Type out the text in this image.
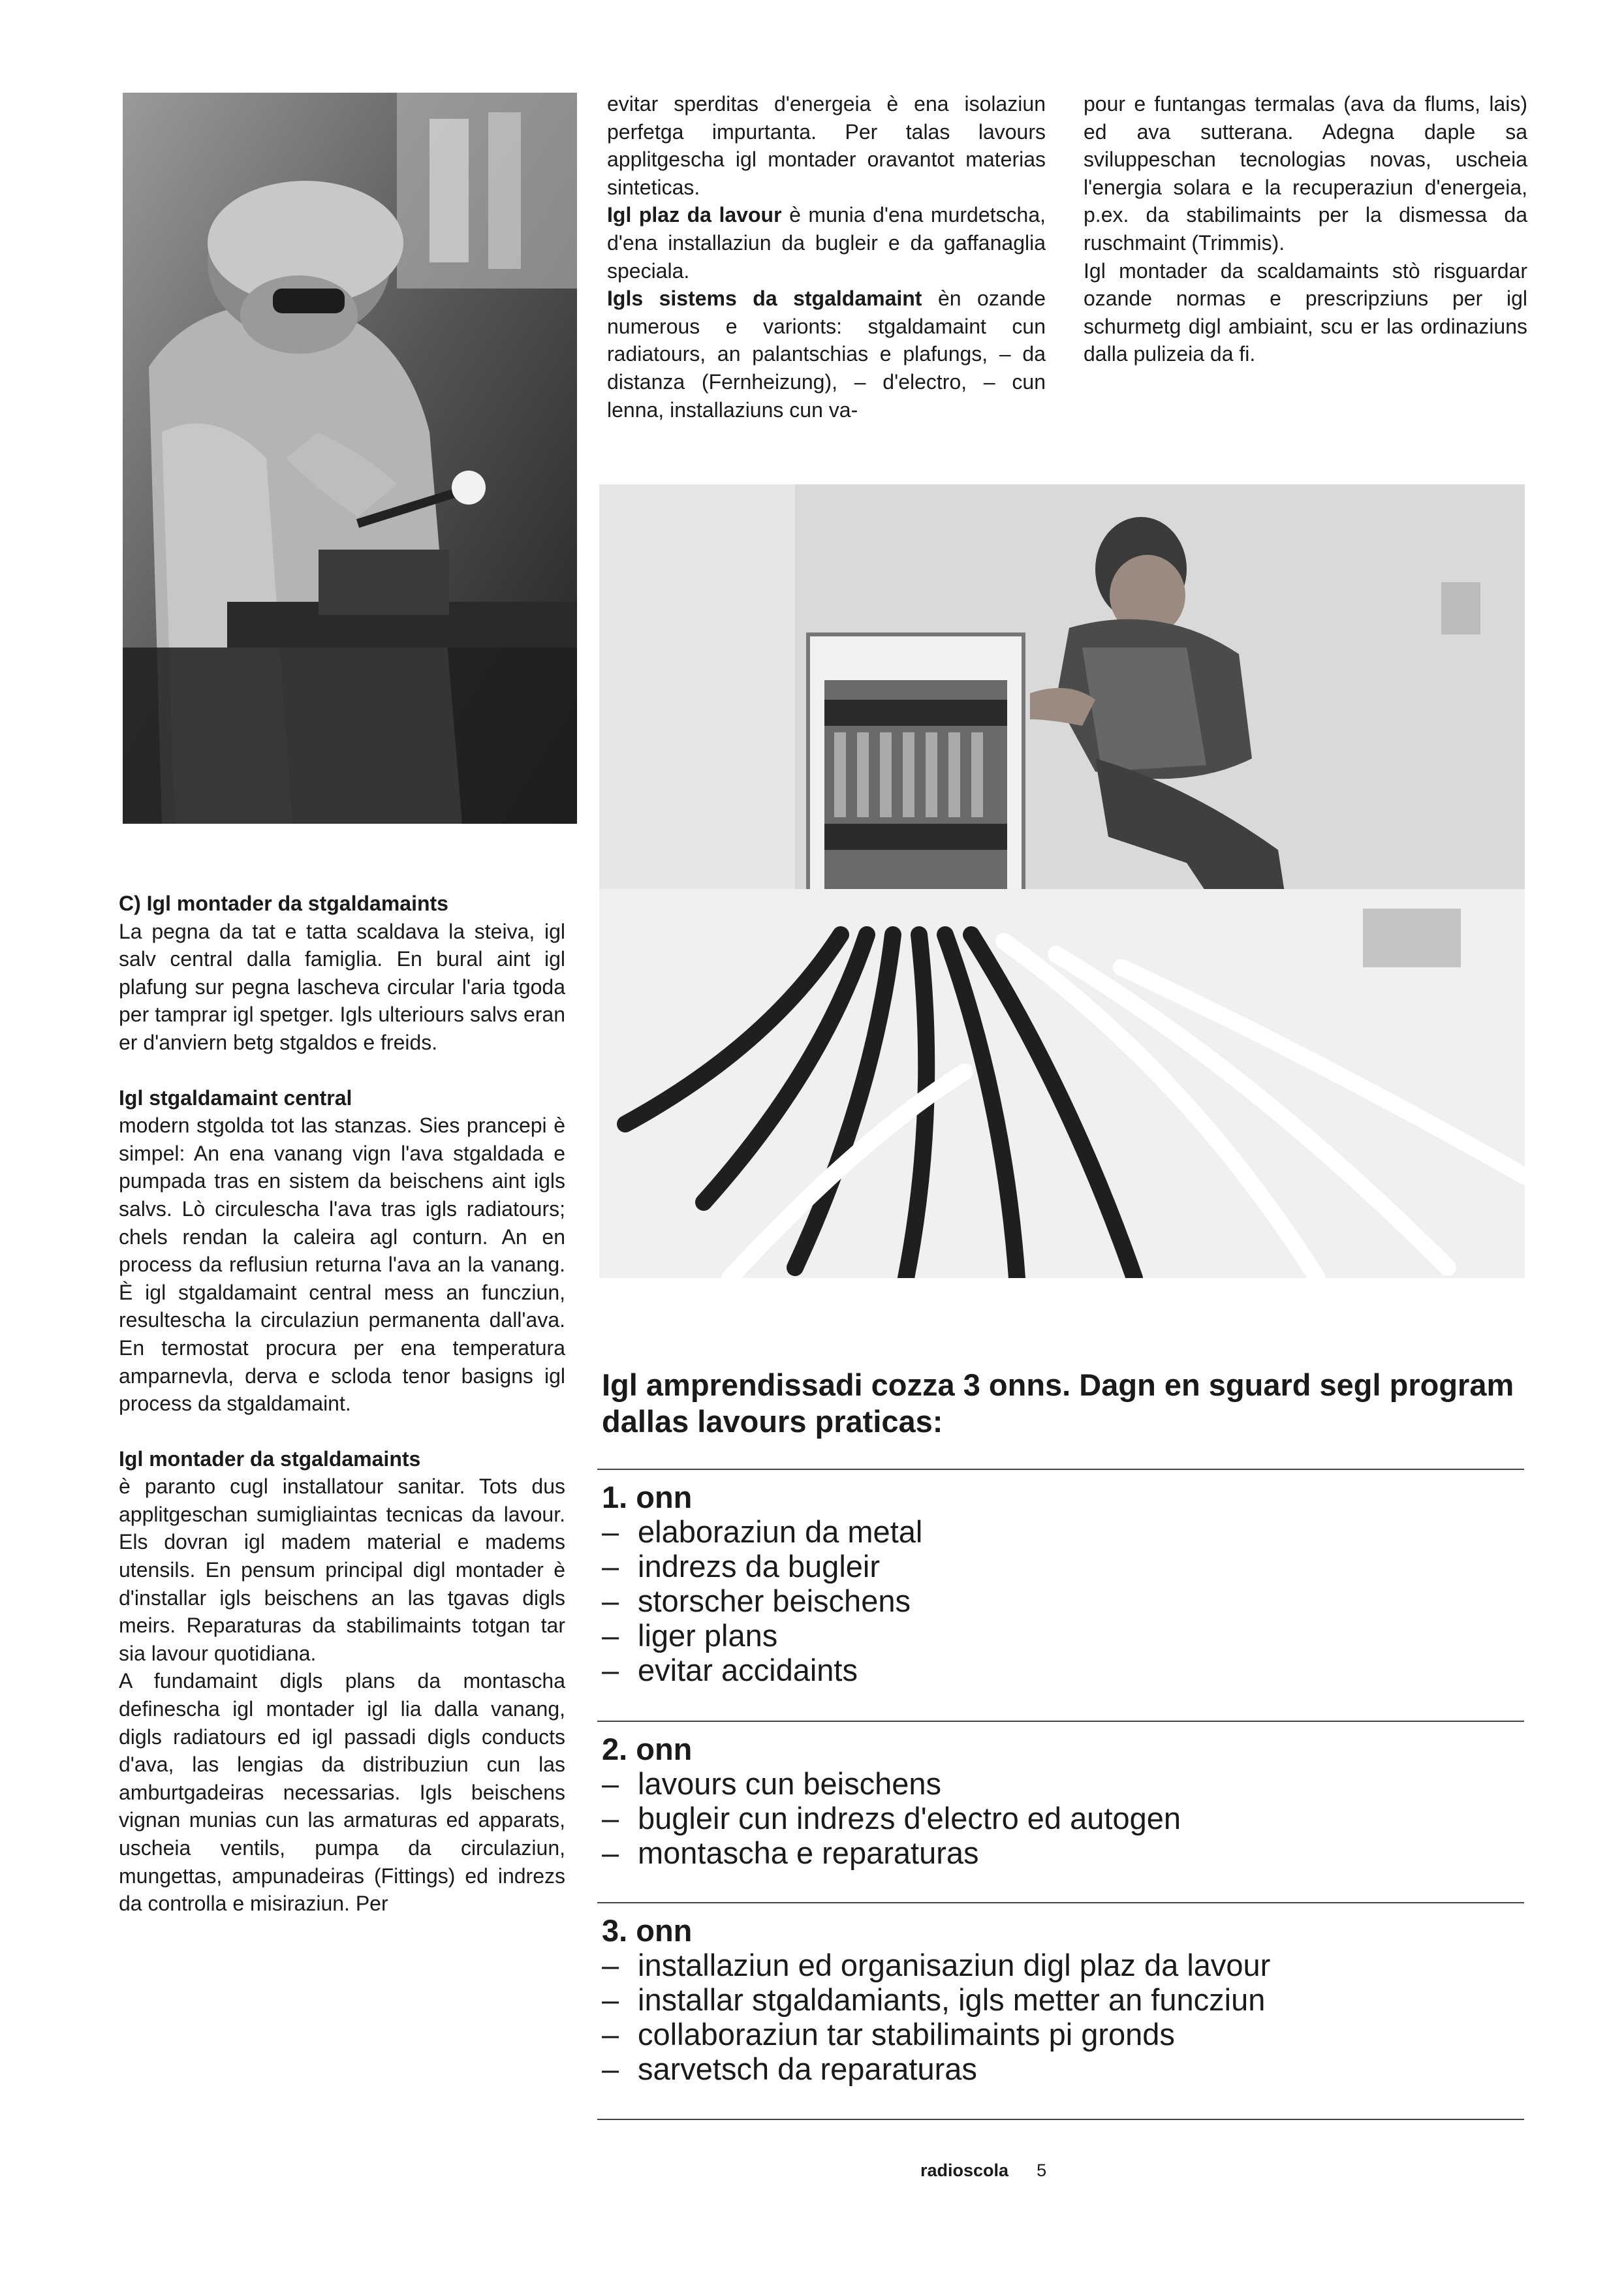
evitar sperditas d'energeia è ena isolaziun perfetga impurtanta. Per talas lavours applitgescha igl montader oravantot materias sinteticas.

Igl plaz da lavour è munia d'ena murdetscha, d'ena installaziun da bugleir e da gaffanaglia speciala.

Igls sistems da stgaldamaint èn ozande numerous e varionts: stgaldamaint cun radiatours, an palantschias e plafungs, – da distanza (Fernheizung), – d'electro, – cun lenna, installaziuns cun va-

pour e funtangas termalas (ava da flums, lais) ed ava sutterana. Adegna daple sa sviluppeschan tecnologias novas, uscheia l'energia solara e la recuperaziun d'energeia, p.ex. da stabilimaints per la dismessa da ruschmaint (Trimmis).

Igl montader da scaldamaints stò risguardar ozande normas e prescripziuns per igl schurmetg digl ambiaint, scu er las ordinaziuns dalla pulizeia da fi.

C) Igl montader da stgaldamaints
La pegna da tat e tatta scaldava la steiva, igl salv central dalla famiglia. En bural aint igl plafung sur pegna lascheva circular l'aria tgoda per tamprar igl spetger. Igls ulteriours salvs eran er d'anviern betg stgaldos e freids.

Igl stgaldamaint central
modern stgolda tot las stanzas. Sies prancepi è simpel: An ena vanang vign l'ava stgaldada e pumpada tras en sistem da beischens aint igls salvs. Lò circulescha l'ava tras igls radiatours; chels rendan la caleira agl conturn. An en process da reflusiun returna l'ava an la vanang. È igl stgaldamaint central mess an funcziun, resultescha la circulaziun permanenta dall'ava. En termostat procura per ena temperatura amparnevla, derva e scloda tenor basigns igl process da stgaldamaint.

Igl montader da stgaldamaints
è paranto cugl installatour sanitar. Tots dus applitgeschan sumigliaintas tecnicas da lavour. Els dovran igl madem material e madems utensils. En pensum principal digl montader è d'installar igls beischens an las tgavas digls meirs. Reparaturas da stabilimaints totgan tar sia lavour quotidiana.

A fundamaint digls plans da montascha definescha igl montader igl lia dalla vanang, digls radiatours ed igl passadi digls conducts d'ava, las lengias da distribuziun cun las amburtgadeiras necessarias. Igls beischens vignan munias cun las armaturas ed apparats, uscheia ventils, pumpa da circulaziun, mungettas, ampunadeiras (Fittings) ed indrezs da controlla e misiraziun. Per

Igl amprendissadi cozza 3 onns. Dagn en sguard segl program dallas lavours praticas:
1. onn
– elaboraziun da metal
– indrezs da bugleir
– storscher beischens
– liger plans
– evitar accidaints
2. onn
– lavours cun beischens
– bugleir cun indrezs d'electro ed autogen
– montascha e reparaturas
3. onn
– installaziun ed organisaziun digl plaz da lavour
– installar stgaldamiants, igls metter an funcziun
– collaboraziun tar stabilimaints pi gronds
– sarvetsch da reparaturas
radioscola 5
